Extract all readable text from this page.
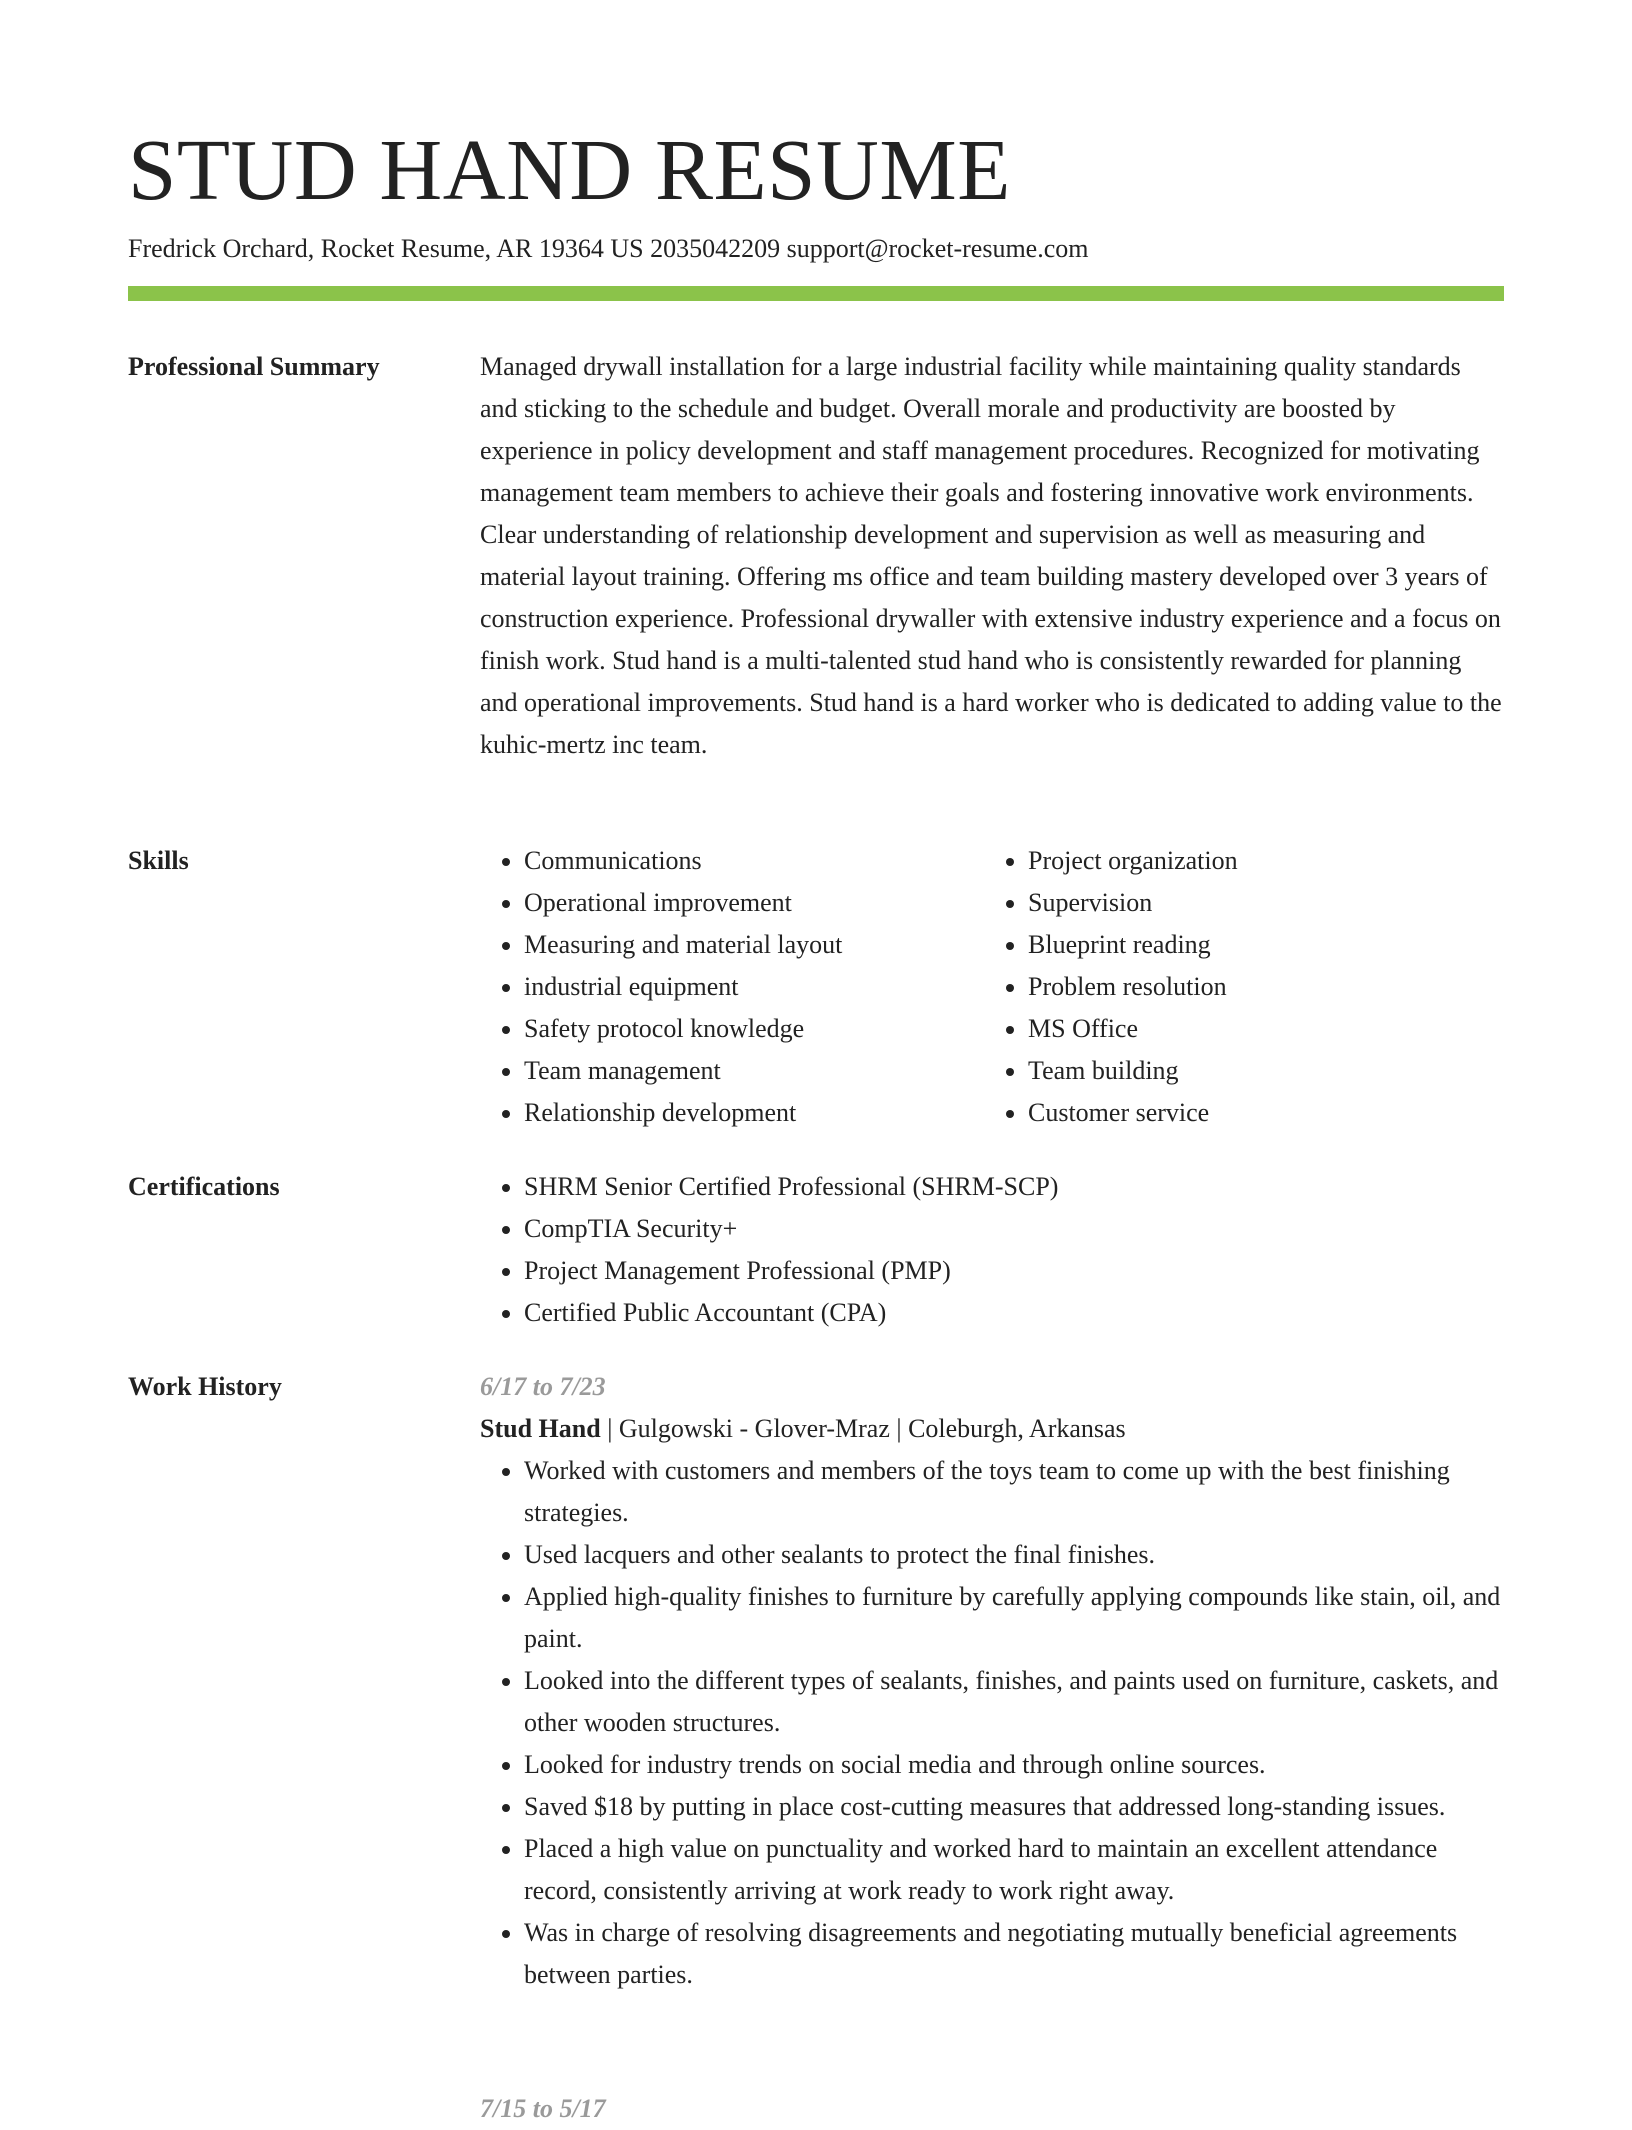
STUD HAND RESUME
Fredrick Orchard, Rocket Resume, AR 19364 US 2035042209 support@rocket-resume.com
Professional Summary	Managed drywall installation for a large industrial facility while maintaining quality standards and sticking to the schedule and budget. Overall morale and productivity are boosted by experience in policy development and staff management procedures. Recognized for motivating management team members to achieve their goals and fostering innovative work environments. Clear understanding of relationship development and supervision as well as measuring and material layout training. Offering ms office and team building mastery developed over 3 years of construction experience. Professional drywaller with extensive industry experience and a focus on finish work. Stud hand is a multi-talented stud hand who is consistently rewarded for planning and operational improvements. Stud hand is a hard worker who is dedicated to adding value to the kuhic-mertz inc team.

Skills	• Communications
• Operational improvement
• Measuring and material layout
• industrial equipment
• Safety protocol knowledge
• Team management
• Relationship development
• Project organization
• Supervision
• Blueprint reading
• Problem resolution
• MS Office
• Team building
• Customer service
Certifications	• SHRM Senior Certified Professional (SHRM-SCP)
• CompTIA Security+
• Project Management Professional (PMP)
• Certified Public Accountant (CPA)
Work History	6/17 to 7/23
Stud Hand | Gulgowski - Glover-Mraz | Coleburgh, Arkansas
• Worked with customers and members of the toys team to come up with the best finishing strategies.
• Used lacquers and other sealants to protect the final finishes.
• Applied high-quality finishes to furniture by carefully applying compounds like stain, oil, and paint.
• Looked into the different types of sealants, finishes, and paints used on furniture, caskets, and other wooden structures.
• Looked for industry trends on social media and through online sources.
• Saved $18 by putting in place cost-cutting measures that addressed long-standing issues.
• Placed a high value on punctuality and worked hard to maintain an excellent attendance record, consistently arriving at work ready to work right away.
• Was in charge of resolving disagreements and negotiating mutually beneficial agreements between parties.
7/15 to 5/17
